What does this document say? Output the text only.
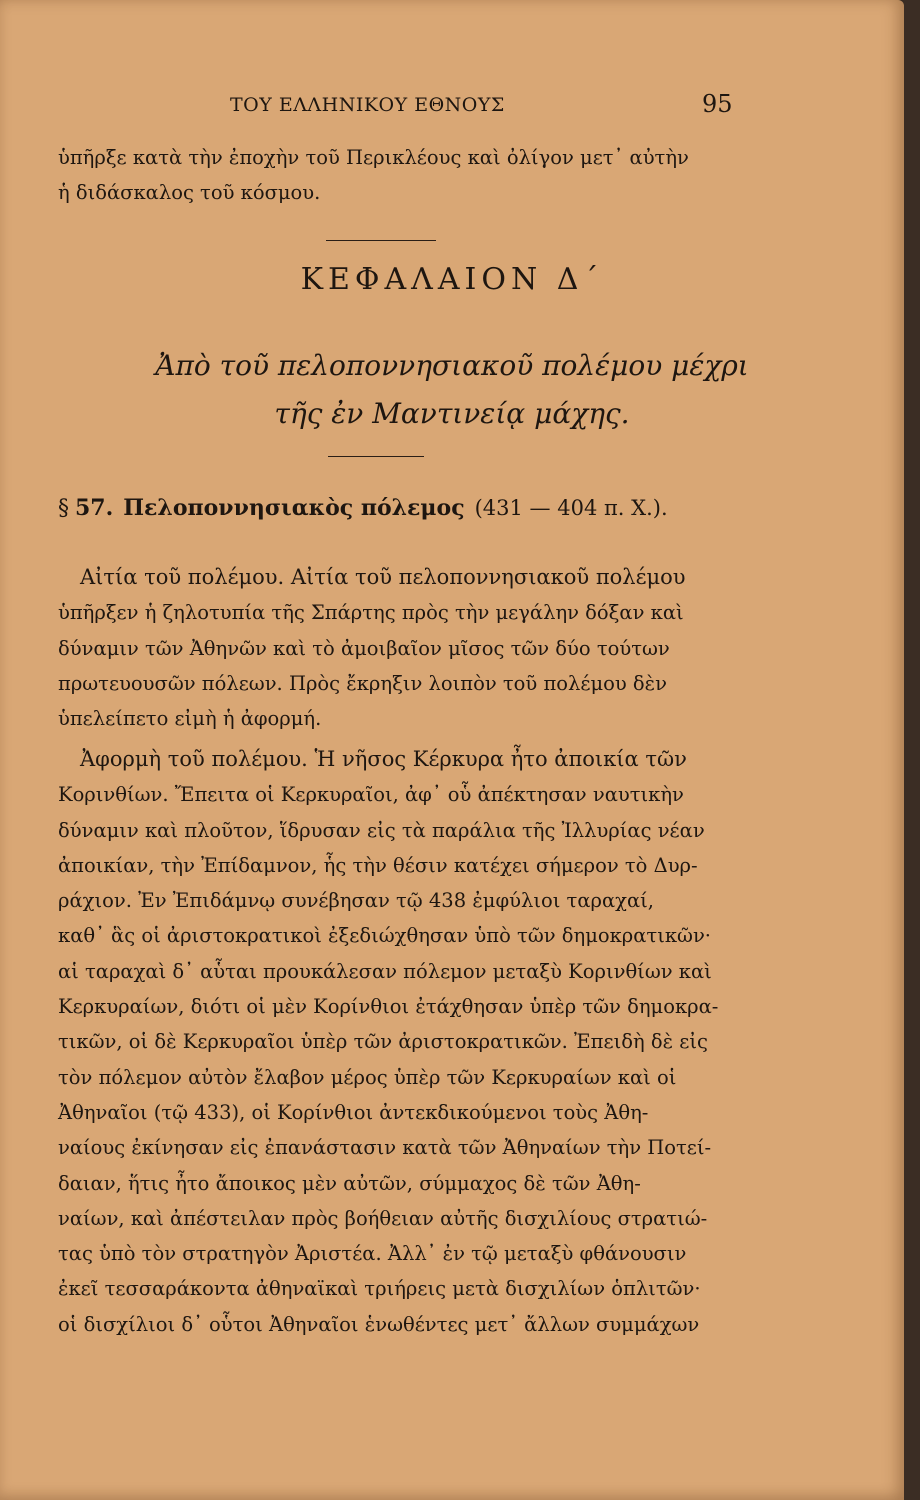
ΤΟΥ ΕΛΛΗΝΙΚΟΥ ΕΘΝΟΥΣ	95
ὑπῆρξε κατὰ τὴν ἐποχὴν τοῦ Περικλέους καὶ ὀλίγον μετ᾽ αὐτὴν
ἡ διδάσκαλος τοῦ κόσμου.
ΚΕΦΑΛΑΙΟΝ Δ΄
Ἀπὸ τοῦ πελοποννησιακοῦ πολέμου μέχρι
τῆς ἐν Μαντινείᾳ μάχης.
§ 57. Πελοποννησιακὸς πόλεμος (431 — 404 π. Χ.).
Αἰτία τοῦ πολέμου. Αἰτία τοῦ πελοποννησιακοῦ πολέμου
ὑπῆρξεν ἡ ζηλοτυπία τῆς Σπάρτης πρὸς τὴν μεγάλην δόξαν καὶ
δύναμιν τῶν Ἀθηνῶν καὶ τὸ ἀμοιβαῖον μῖσος τῶν δύο τούτων
πρωτευουσῶν πόλεων. Πρὸς ἔκρηξιν λοιπὸν τοῦ πολέμου δὲν
ὑπελείπετο εἰμὴ ἡ ἀφορμή.
Ἀφορμὴ τοῦ πολέμου. Ἡ νῆσος Κέρκυρα ἦτο ἀποικία τῶν
Κορινθίων. Ἔπειτα οἱ Κερκυραῖοι, ἀφ᾽ οὗ ἀπέκτησαν ναυτικὴν
δύναμιν καὶ πλοῦτον, ἵδρυσαν εἰς τὰ παράλια τῆς Ἰλλυρίας νέαν
ἀποικίαν, τὴν Ἐπίδαμνον, ἧς τὴν θέσιν κατέχει σήμερον τὸ Δυρ-
ράχιον. Ἐν Ἐπιδάμνῳ συνέβησαν τῷ 438 ἐμφύλιοι ταραχαί,
καθ᾽ ἃς οἱ ἀριστοκρατικοὶ ἐξεδιώχθησαν ὑπὸ τῶν δημοκρατικῶν·
αἱ ταραχαὶ δ᾽ αὗται προυκάλεσαν πόλεμον μεταξὺ Κορινθίων καὶ
Κερκυραίων, διότι οἱ μὲν Κορίνθιοι ἐτάχθησαν ὑπὲρ τῶν δημοκρα-
τικῶν, οἱ δὲ Κερκυραῖοι ὑπὲρ τῶν ἀριστοκρατικῶν. Ἐπειδὴ δὲ εἰς
τὸν πόλεμον αὐτὸν ἔλαβον μέρος ὑπὲρ τῶν Κερκυραίων καὶ οἱ
Ἀθηναῖοι (τῷ 433), οἱ Κορίνθιοι ἀντεκδικούμενοι τοὺς Ἀθη-
ναίους ἐκίνησαν εἰς ἐπανάστασιν κατὰ τῶν Ἀθηναίων τὴν Ποτεί-
δαιαν, ἥτις ἦτο ἄποικος μὲν αὐτῶν, σύμμαχος δὲ τῶν Ἀθη-
ναίων, καὶ ἀπέστειλαν πρὸς βοήθειαν αὐτῆς δισχιλίους στρατιώ-
τας ὑπὸ τὸν στρατηγὸν Ἀριστέα. Ἀλλ᾽ ἐν τῷ μεταξὺ φθάνουσιν
ἐκεῖ τεσσαράκοντα ἀθηναϊκαὶ τριήρεις μετὰ δισχιλίων ὁπλιτῶν·
οἱ δισχίλιοι δ᾽ οὗτοι Ἀθηναῖοι ἑνωθέντες μετ᾽ ἄλλων συμμάχων
